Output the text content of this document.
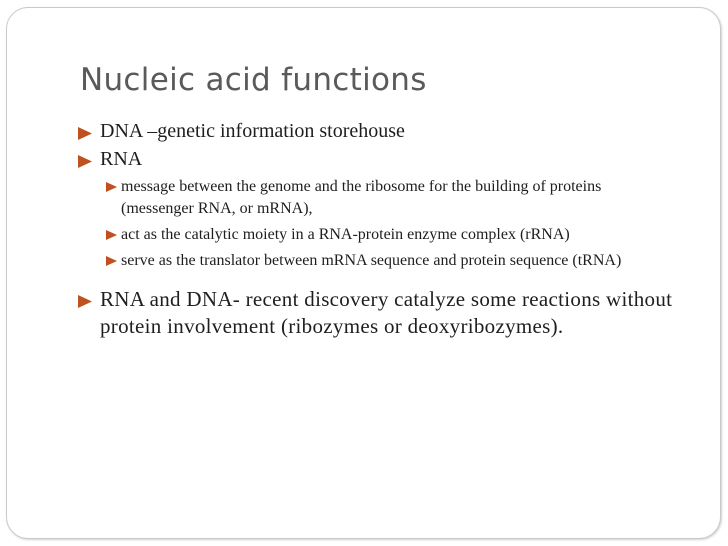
Nucleic acid functions
DNA –genetic information storehouse
RNA
message between the genome and the ribosome for the building of proteins (messenger RNA, or mRNA),
act as the catalytic moiety in a RNA-protein enzyme complex (rRNA)
serve as the translator between mRNA sequence and protein sequence (tRNA)
RNA and DNA- recent discovery catalyze some reactions without protein involvement (ribozymes or deoxyribozymes).
